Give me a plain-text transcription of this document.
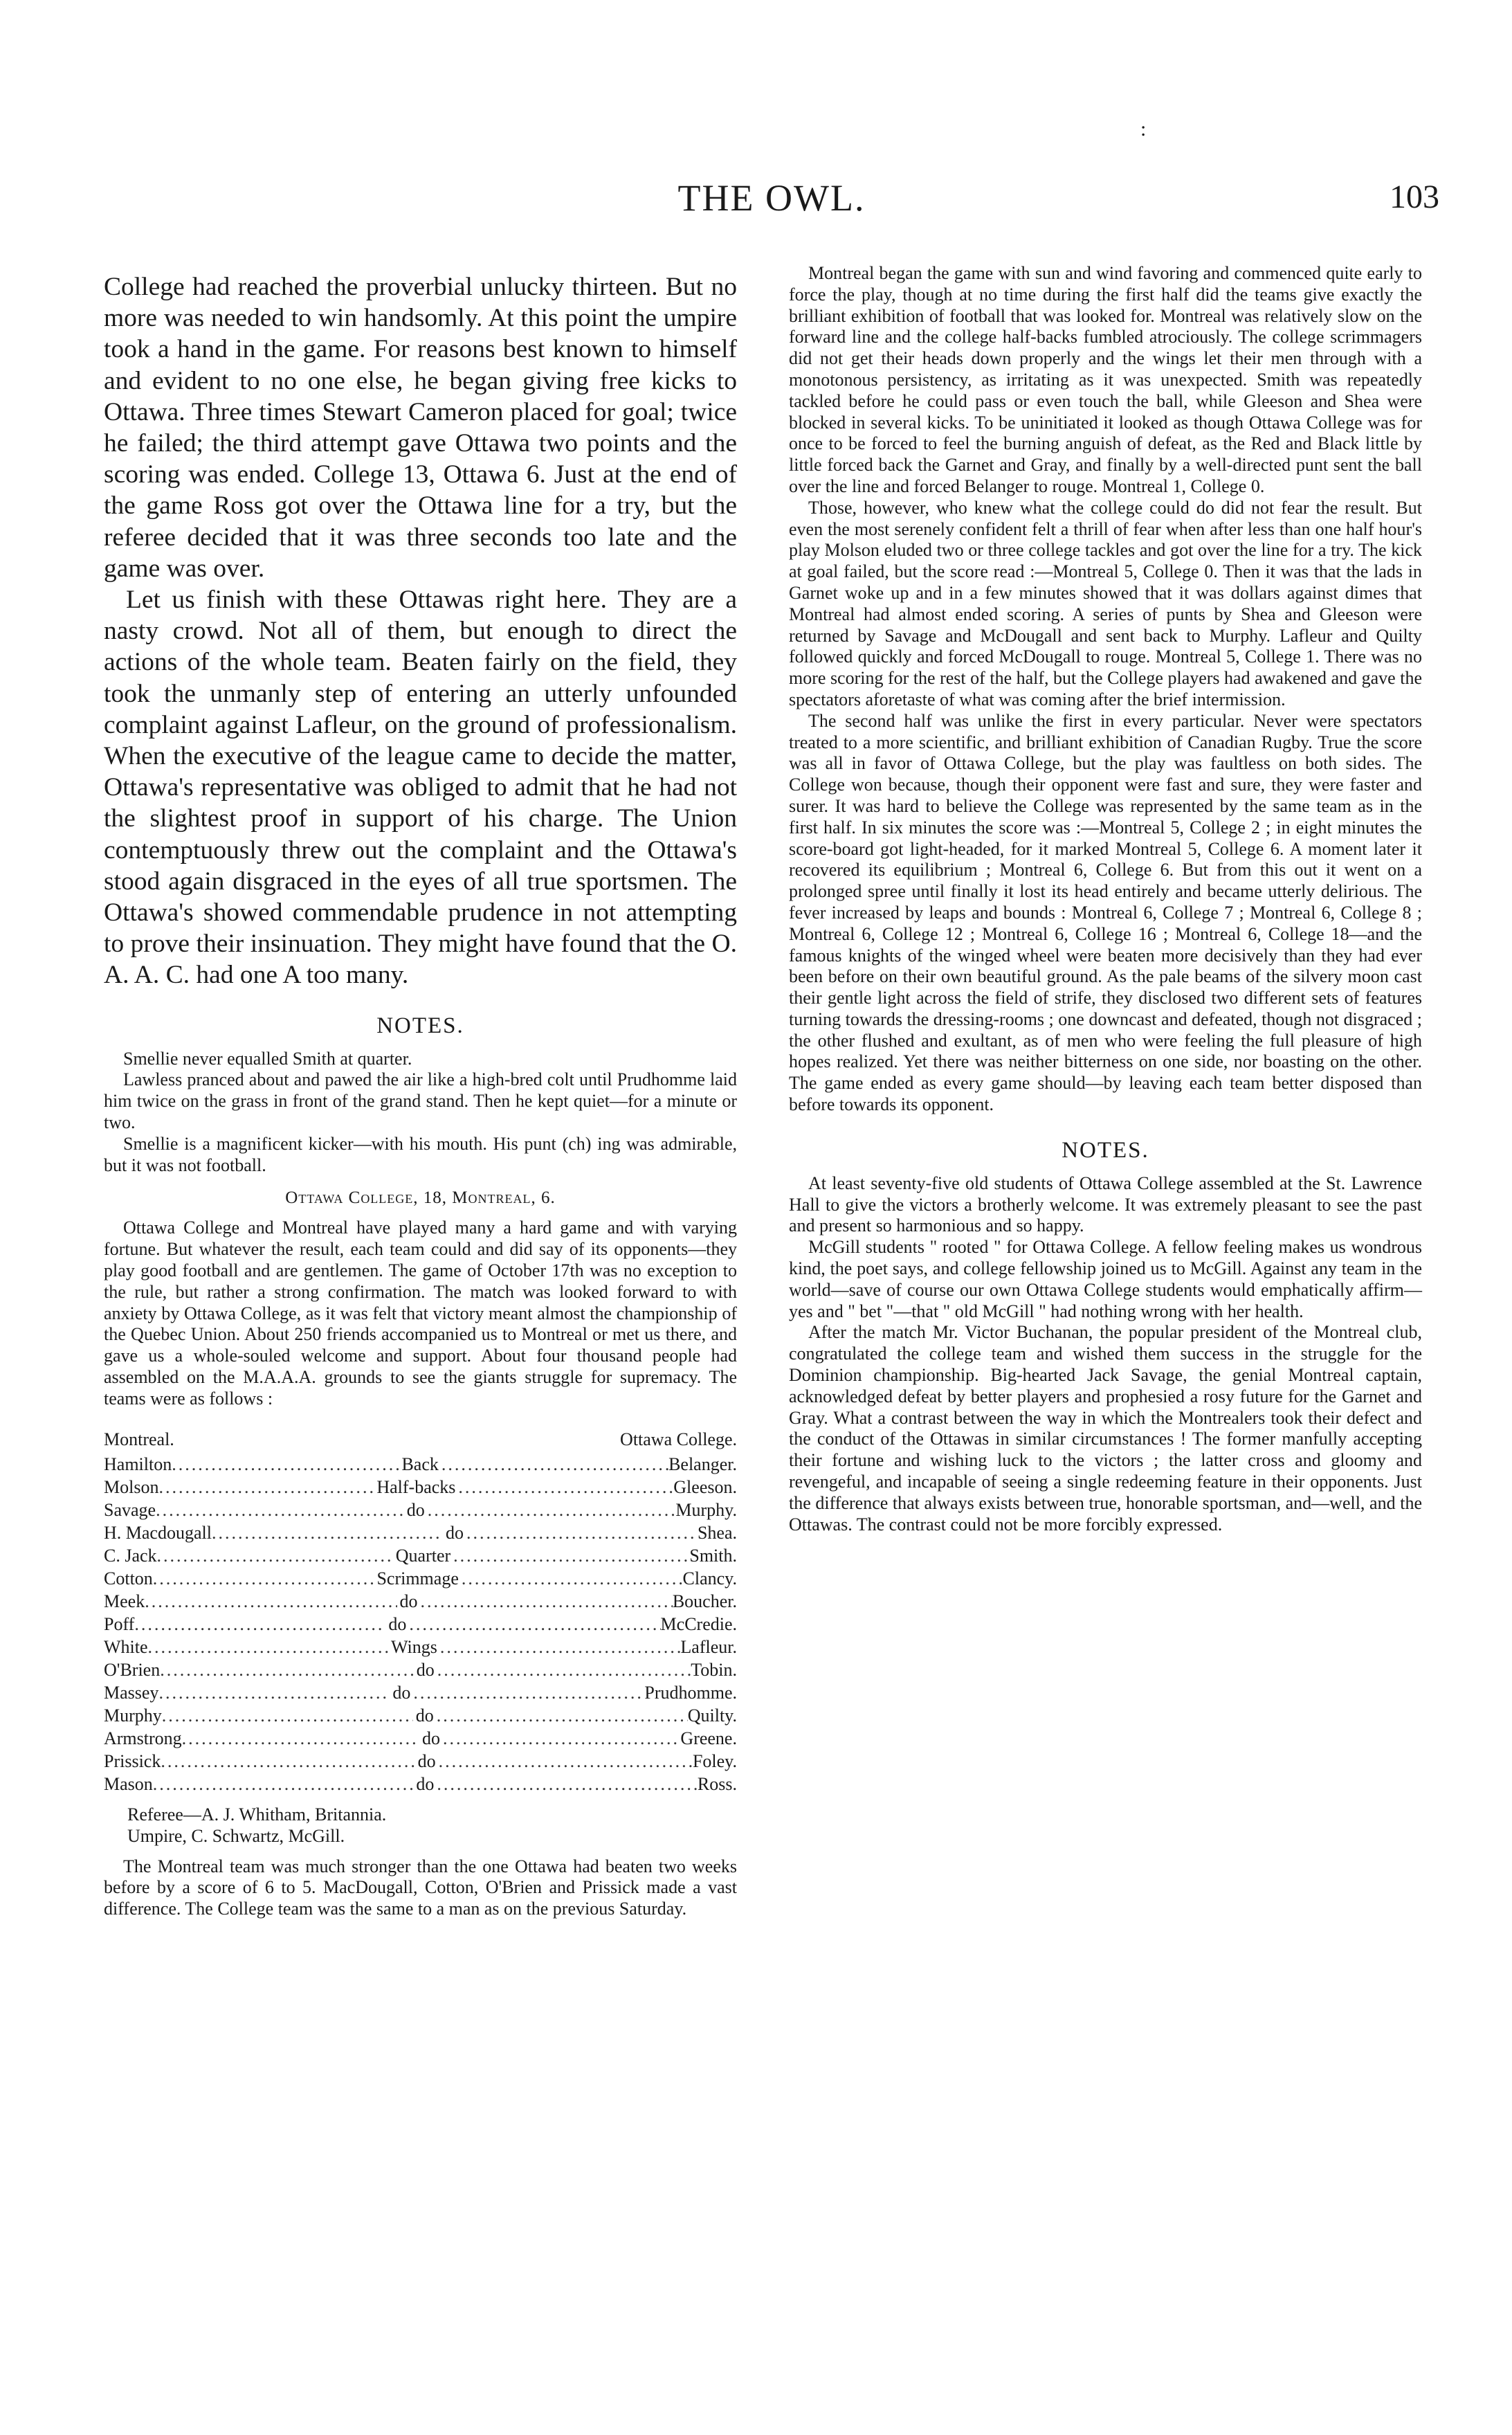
:
THE OWL.	103

College had reached the proverbial unlucky thirteen. But no more was needed to win handsomly. At this point the umpire took a hand in the game. For reasons best known to himself and evident to no one else, he began giving free kicks to Ottawa. Three times Stewart Cameron placed for goal; twice he failed; the third attempt gave Ottawa two points and the scoring was ended. College 13, Ottawa 6. Just at the end of the game Ross got over the Ottawa line for a try, but the referee decided that it was three seconds too late and the game was over.

Let us finish with these Ottawas right here. They are a nasty crowd. Not all of them, but enough to direct the actions of the whole team. Beaten fairly on the field, they took the unmanly step of entering an utterly unfounded complaint against Lafleur, on the ground of professionalism. When the executive of the league came to decide the matter, Ottawa's representative was obliged to admit that he had not the slightest proof in support of his charge. The Union contemptuously threw out the complaint and the Ottawa's stood again disgraced in the eyes of all true sportsmen. The Ottawa's showed commendable prudence in not attempting to prove their insinuation. They might have found that the O. A. A. C. had one A too many.

NOTES.

Smellie never equalled Smith at quarter.

Lawless pranced about and pawed the air like a high-bred colt until Prudhomme laid him twice on the grass in front of the grand stand. Then he kept quiet—for a minute or two.

Smellie is a magnificent kicker—with his mouth. His punt (ch) ing was admirable, but it was not football.

Ottawa College, 18, Montreal, 6.

Ottawa College and Montreal have played many a hard game and with varying fortune. But whatever the result, each team could and did say of its opponents—they play good football and are gentlemen. The game of October 17th was no exception to the rule, but rather a strong confirmation. The match was looked forward to with anxiety by Ottawa College, as it was felt that victory meant almost the championship of the Quebec Union. About 250 friends accompanied us to Montreal or met us there, and gave us a whole-souled welcome and support. About four thousand people had assembled on the M.A.A.A. grounds to see the giants struggle for supremacy. The teams were as follows :

Montreal.	Ottawa College.
Hamilton .....	Back .....	Belanger.
Molson .....	Half-backs .....	Gleeson.
Savage .....	do .....	Murphy.
H. Macdougall .....	do .....	Shea.
C. Jack .....	Quarter .....	Smith.
Cotton .....	Scrimmage .....	Clancy.
Meek .....	do .....	Boucher.
Poff .....	do .....	McCredie.
White .....	Wings .....	Lafleur.
O'Brien .....	do .....	Tobin.
Massey .....	do .....	Prudhomme.
Murphy .....	do .....	Quilty.
Armstrong .....	do .....	Greene.
Prissick .....	do .....	Foley.
Mason .....	do .....	Ross.
Referee—A. J. Whitham, Britannia.
Umpire, C. Schwartz, McGill.

The Montreal team was much stronger than the one Ottawa had beaten two weeks before by a score of 6 to 5. MacDougall, Cotton, O'Brien and Prissick made a vast difference. The College team was the same to a man as on the previous Saturday.

Montreal began the game with sun and wind favoring and commenced quite early to force the play, though at no time during the first half did the teams give exactly the brilliant exhibition of football that was looked for. Montreal was relatively slow on the forward line and the college half-backs fumbled atrociously. The college scrimmagers did not get their heads down properly and the wings let their men through with a monotonous persistency, as irritating as it was unexpected. Smith was repeatedly tackled before he could pass or even touch the ball, while Gleeson and Shea were blocked in several kicks. To be uninitiated it looked as though Ottawa College was for once to be forced to feel the burning anguish of defeat, as the Red and Black little by little forced back the Garnet and Gray, and finally by a well-directed punt sent the ball over the line and forced Belanger to rouge. Montreal 1, College 0.

Those, however, who knew what the college could do did not fear the result. But even the most serenely confident felt a thrill of fear when after less than one half hour's play Molson eluded two or three college tackles and got over the line for a try. The kick at goal failed, but the score read :—Montreal 5, College 0. Then it was that the lads in Garnet woke up and in a few minutes showed that it was dollars against dimes that Montreal had almost ended scoring. A series of punts by Shea and Gleeson were returned by Savage and McDougall and sent back to Murphy. Lafleur and Quilty followed quickly and forced McDougall to rouge. Montreal 5, College 1. There was no more scoring for the rest of the half, but the College players had awakened and gave the spectators aforetaste of what was coming after the brief intermission.

The second half was unlike the first in every particular. Never were spectators treated to a more scientific, and brilliant exhibition of Canadian Rugby. True the score was all in favor of Ottawa College, but the play was faultless on both sides. The College won because, though their opponent were fast and sure, they were faster and surer. It was hard to believe the College was represented by the same team as in the first half. In six minutes the score was :—Montreal 5, College 2 ; in eight minutes the score-board got light-headed, for it marked Montreal 5, College 6. A moment later it recovered its equilibrium ; Montreal 6, College 6. But from this out it went on a prolonged spree until finally it lost its head entirely and became utterly delirious. The fever increased by leaps and bounds : Montreal 6, College 7 ; Montreal 6, College 8 ; Montreal 6, College 12 ; Montreal 6, College 16 ; Montreal 6, College 18—and the famous knights of the winged wheel were beaten more decisively than they had ever been before on their own beautiful ground. As the pale beams of the silvery moon cast their gentle light across the field of strife, they disclosed two different sets of features turning towards the dressing-rooms ; one downcast and defeated, though not disgraced ; the other flushed and exultant, as of men who were feeling the full pleasure of high hopes realized. Yet there was neither bitterness on one side, nor boasting on the other. The game ended as every game should—by leaving each team better disposed than before towards its opponent.

NOTES.

At least seventy-five old students of Ottawa College assembled at the St. Lawrence Hall to give the victors a brotherly welcome. It was extremely pleasant to see the past and present so harmonious and so happy.

McGill students " rooted " for Ottawa College. A fellow feeling makes us wondrous kind, the poet says, and college fellowship joined us to McGill. Against any team in the world—save of course our own Ottawa College students would emphatically affirm—yes and " bet "—that " old McGill " had nothing wrong with her health.

After the match Mr. Victor Buchanan, the popular president of the Montreal club, congratulated the college team and wished them success in the struggle for the Dominion championship. Big-hearted Jack Savage, the genial Montreal captain, acknowledged defeat by better players and prophesied a rosy future for the Garnet and Gray. What a contrast between the way in which the Montrealers took their defect and the conduct of the Ottawas in similar circumstances ! The former manfully accepting their fortune and wishing luck to the victors ; the latter cross and gloomy and revengeful, and incapable of seeing a single redeeming feature in their opponents. Just the difference that always exists between true, honorable sportsman, and—well, and the Ottawas. The contrast could not be more forcibly expressed.
